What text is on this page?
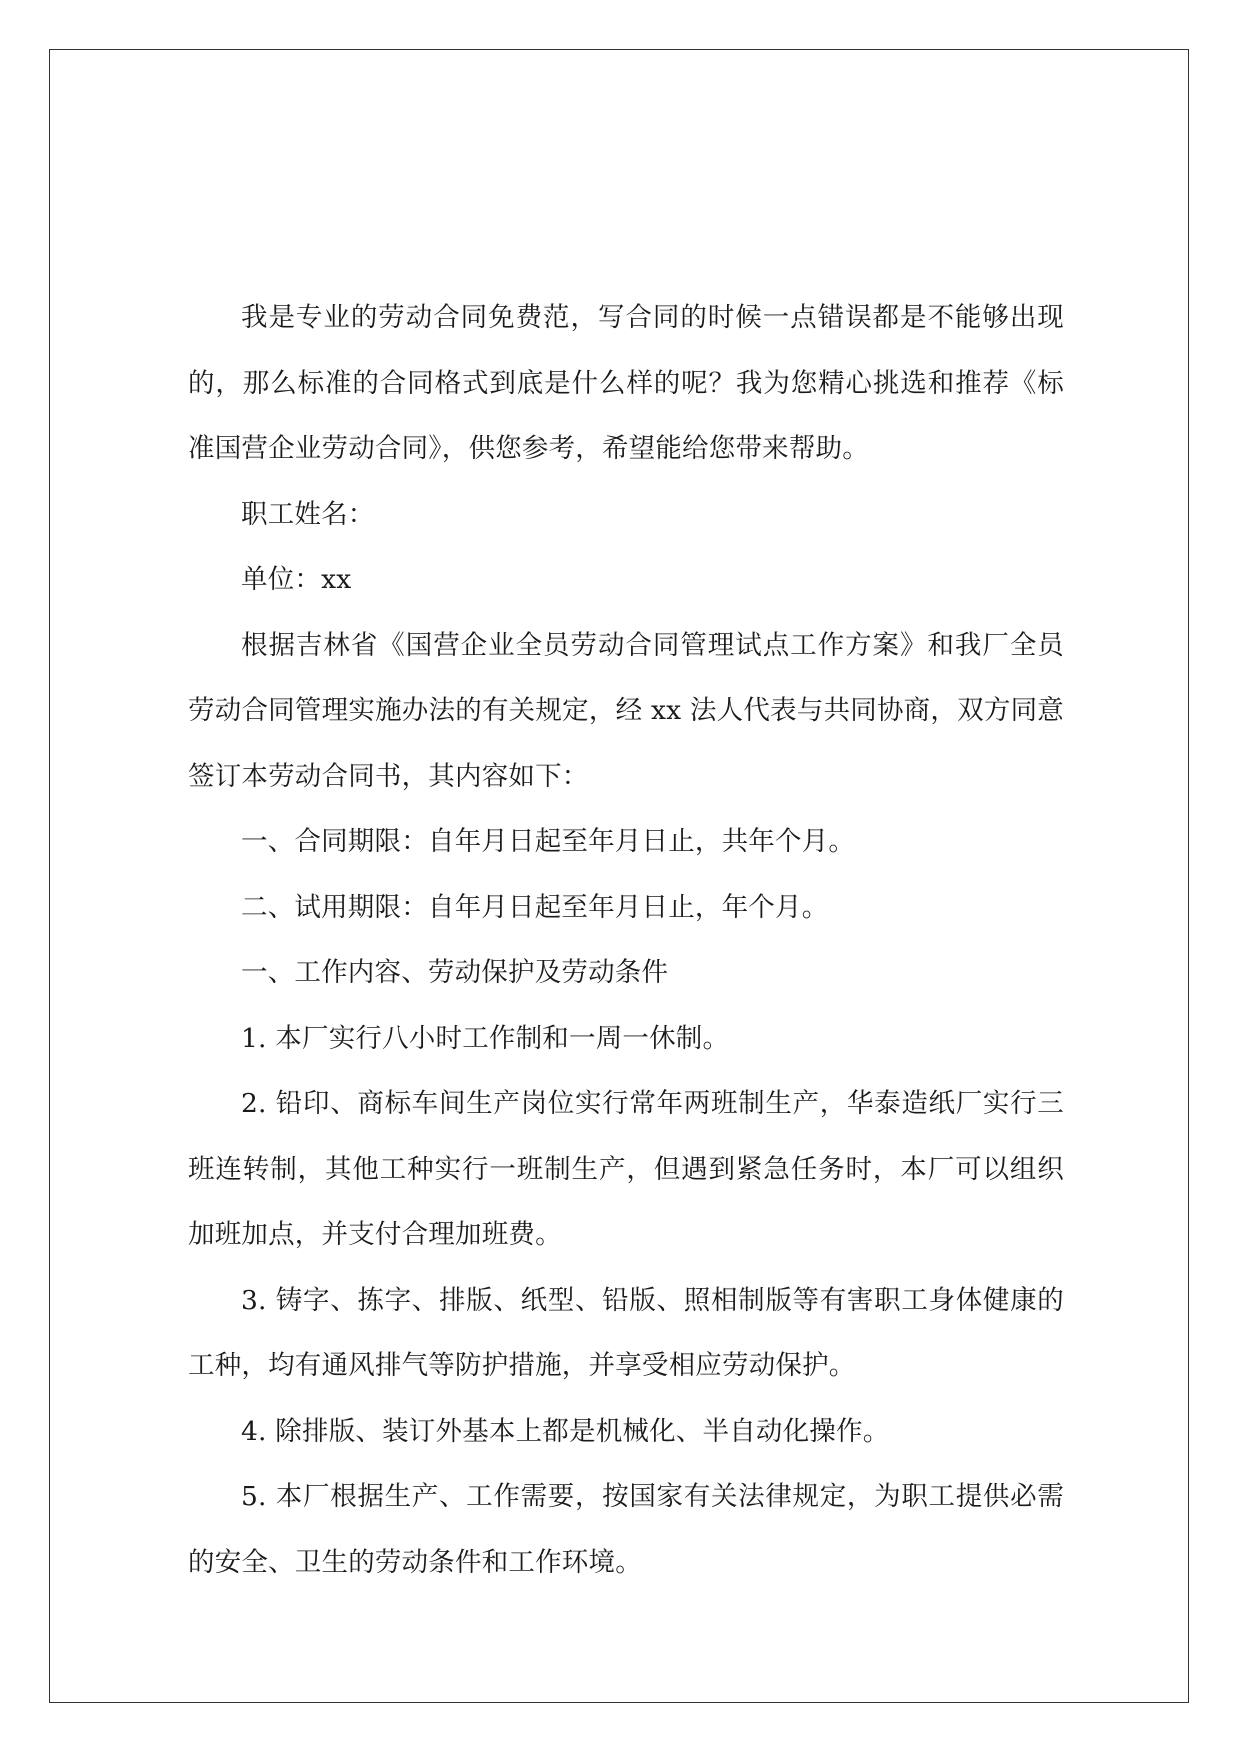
我是专业的劳动合同免费范，写合同的时候一点错误都是不能够出现的，那么标准的合同格式到底是什么样的呢？我为您精心挑选和推荐《标准国营企业劳动合同》，供您参考，希望能给您带来帮助。

职工姓名：

单位：xx

根据吉林省《国营企业全员劳动合同管理试点工作方案》和我厂全员劳动合同管理实施办法的有关规定，经 xx 法人代表与共同协商，双方同意签订本劳动合同书，其内容如下：

一、合同期限：自年月日起至年月日止，共年个月。

二、试用期限：自年月日起至年月日止，年个月。

一、工作内容、劳动保护及劳动条件

1. 本厂实行八小时工作制和一周一休制。

2. 铅印、商标车间生产岗位实行常年两班制生产，华泰造纸厂实行三班连转制，其他工种实行一班制生产，但遇到紧急任务时，本厂可以组织加班加点，并支付合理加班费。

3. 铸字、拣字、排版、纸型、铅版、照相制版等有害职工身体健康的工种，均有通风排气等防护措施，并享受相应劳动保护。

4. 除排版、装订外基本上都是机械化、半自动化操作。

5. 本厂根据生产、工作需要，按国家有关法律规定，为职工提供必需的安全、卫生的劳动条件和工作环境。
